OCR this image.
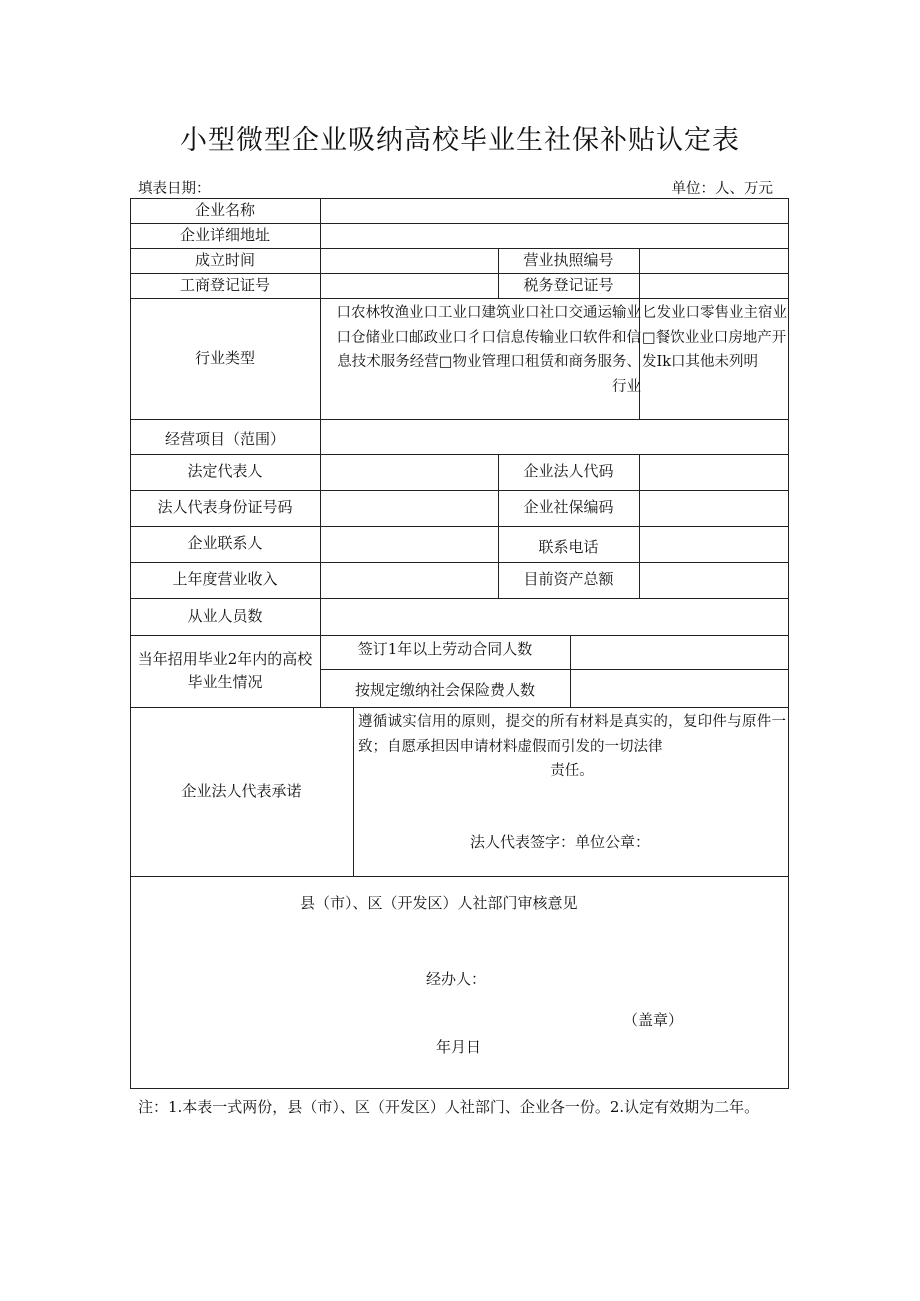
小型微型企业吸纳高校毕业生社保补贴认定表
填表日期：	单位：人、万元
企业名称
企业详细地址
成立时间	营业执照编号
工商登记证号	税务登记证号
行业类型
口农林牧渔业口工业口建筑业口社口交通运输业口仓储业口邮政业口彳口信息传输业口软件和信息技术服务经营□物业管理口租赁和商务服务、行业
匕发业口零售业主宿业□餐饮业业口房地产开发Ik口其他未列明
经营项目（范围）
法定代表人	企业法人代码
法人代表身份证号码	企业社保编码
企业联系人	联系电话
上年度营业收入	目前资产总额
从业人员数
当年招用毕业2年内的高校毕业生情况
签订1年以上劳动合同人数
按规定缴纳社会保险费人数
企业法人代表承诺
遵循诚实信用的原则，提交的所有材料是真实的，复印件与原件一致；自愿承担因申请材料虚假而引发的一切法律
责任。
法人代表签字：单位公章：
县（市）、区（开发区）人社部门审核意见
经办人：
（盖章）
年月日
注：1.本表一式两份，县（市）、区（开发区）人社部门、企业各一份。2.认定有效期为二年。
